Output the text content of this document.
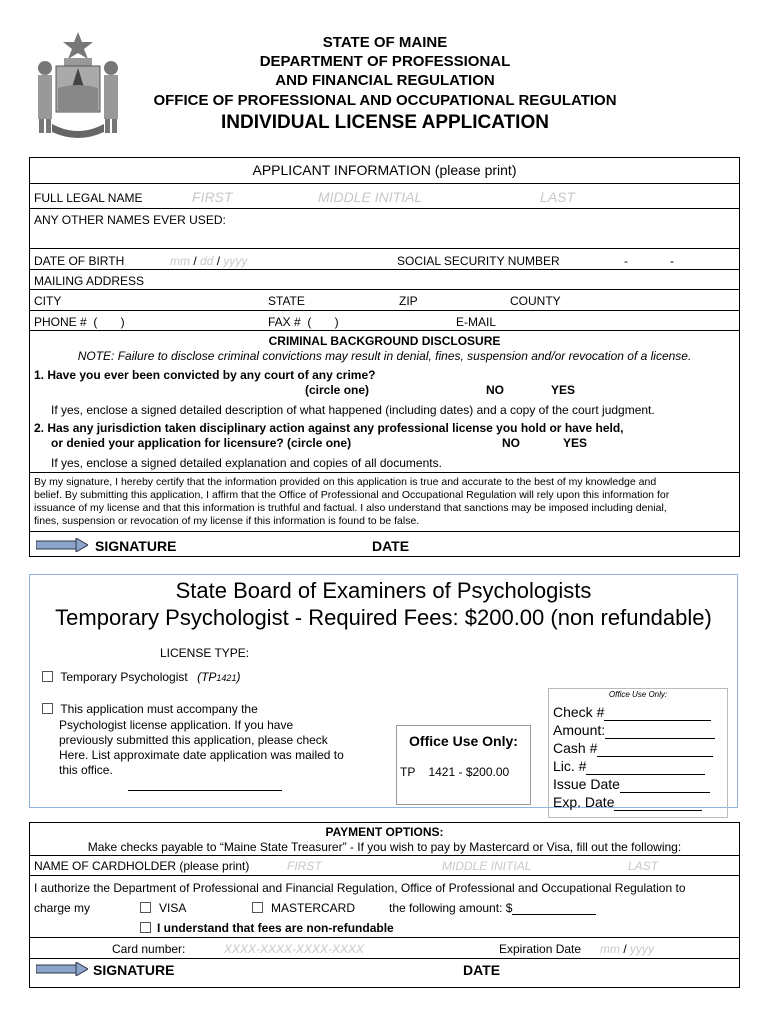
STATE OF MAINE
DEPARTMENT OF PROFESSIONAL
AND FINANCIAL REGULATION
OFFICE OF PROFESSIONAL AND OCCUPATIONAL REGULATION
INDIVIDUAL LICENSE APPLICATION
APPLICANT INFORMATION (please print)
FULL LEGAL NAME	FIRST	MIDDLE INITIAL	LAST
ANY OTHER NAMES EVER USED:
DATE OF BIRTH	mm / dd / yyyy	SOCIAL SECURITY NUMBER	-	-
MAILING ADDRESS
CITY	STATE	ZIP	COUNTY
PHONE #  (       )	FAX #  (       )	E-MAIL
CRIMINAL BACKGROUND DISCLOSURE
NOTE: Failure to disclose criminal convictions may result in denial, fines, suspension and/or revocation of a license.
1. Have you ever been convicted by any court of any crime?
(circle one)	NO	YES
If yes, enclose a signed detailed description of what happened (including dates) and a copy of the court judgment.
2. Has any jurisdiction taken disciplinary action against any professional license you hold or have held,
or denied your application for licensure? (circle one)	NO	YES
If yes, enclose a signed detailed explanation and copies of all documents.
By my signature, I hereby certify that the information provided on this application is true and accurate to the best of my knowledge and
belief. By submitting this application, I affirm that the Office of Professional and Occupational Regulation will rely upon this information for
issuance of my license and that this information is truthful and factual. I also understand that sanctions may be imposed including denial,
fines, suspension or revocation of my license if this information is found to be false.
SIGNATURE	DATE
State Board of Examiners of Psychologists
Temporary Psychologist - Required Fees: $200.00 (non refundable)
LICENSE TYPE:
Temporary Psychologist (TP1421)
This application must accompany the
Psychologist license application. If you have
previously submitted this application, please check
Here. List approximate date application was mailed to
this office.
Office Use Only:
TP    1421 - $200.00
Office Use Only:
Check #
Amount:
Cash #
Lic. #
Issue Date
Exp. Date
PAYMENT OPTIONS:
Make checks payable to “Maine State Treasurer” - If you wish to pay by Mastercard or Visa, fill out the following:
NAME OF CARDHOLDER (please print)	FIRST	MIDDLE INITIAL	LAST
I authorize the Department of Professional and Financial Regulation, Office of Professional and Occupational Regulation to
charge my	VISA	MASTERCARD	the following amount: $
I understand that fees are non-refundable
Card number:	XXXX-XXXX-XXXX-XXXX	Expiration Date mm / yyyy
SIGNATURE	DATE
